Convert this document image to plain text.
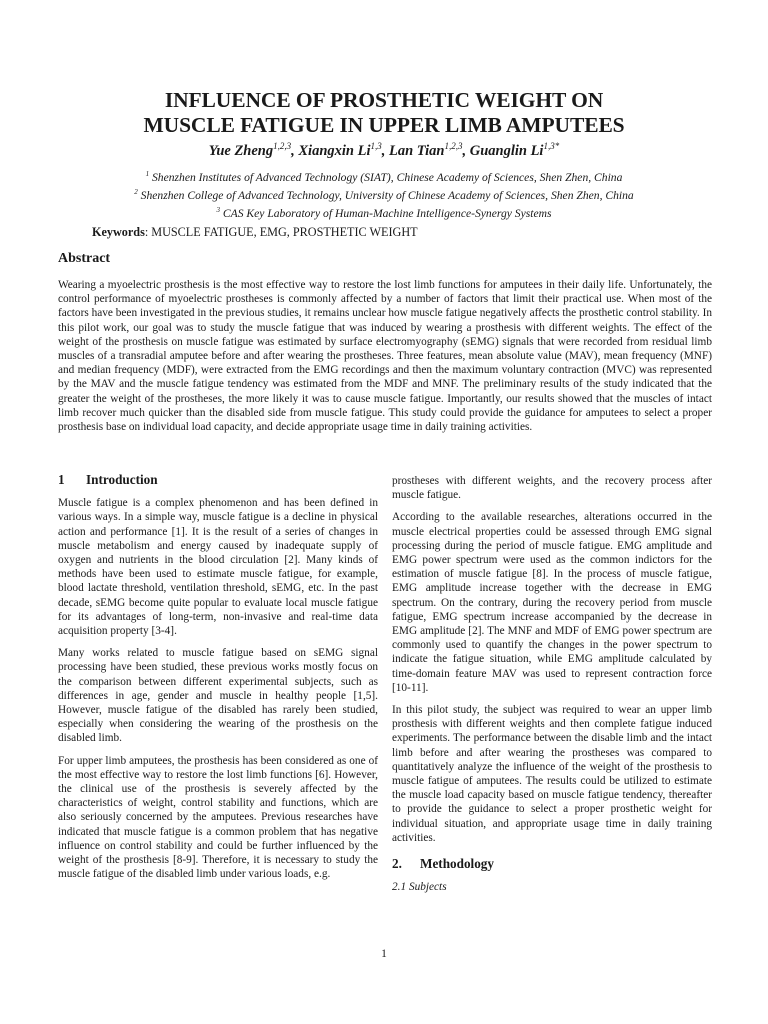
INFLUENCE OF PROSTHETIC WEIGHT ON
MUSCLE FATIGUE IN UPPER LIMB AMPUTEES
Yue Zheng$^{1,2,3}$, Xiangxin Li$^{1,3}$, Lan Tian$^{1,2,3}$, Guanglin $Li^{1,3*}$
$^1$ Shenzhen Institutes of Advanced Technology (SIAT), Chinese Academy of Sciences, Shen Zhen, China
$^2$ Shenzhen College of Advanced Technology, University of Chinese Academy of Sciences, Shen Zhen, China
$^3$ CAS Key Laboratory of Human-Machine Intelligence-Synergy Systems
Keywords: MUSCLE FATIGUE, EMG, PROSTHETIC WEIGHT
Abstract
Wearing a myoelectric prosthesis is the most effective way to restore the lost limb functions for amputees in their daily life. Unfortunately, the control performance of myoelectric prostheses is commonly affected by a number of factors that limit their practical use. When most of the factors have been investigated in the previous studies, it remains unclear how muscle fatigue negatively affects the prosthetic control stability. In this pilot work, our goal was to study the muscle fatigue that was induced by wearing a prosthesis with different weights. The effect of the weight of the prosthesis on muscle fatigue was estimated by surface electromyography (sEMG) signals that were recorded from residual limb muscles of a transradial amputee before and after wearing the prostheses. Three features, mean absolute value (MAV), mean frequency (MNF) and median frequency (MDF), were extracted from the EMG recordings and then the maximum voluntary contraction (MVC) was represented by the MAV and the muscle fatigue tendency was estimated from the MDF and MNF. The preliminary results of the study indicated that the greater the weight of the prostheses, the more likely it was to cause muscle fatigue. Importantly, our results showed that the muscles of intact limb recover much quicker than the disabled side from muscle fatigue. This study could provide the guidance for amputees to select a proper prosthesis base on individual load capacity, and decide appropriate usage time in daily training activities.
1	Introduction

Muscle fatigue is a complex phenomenon and has been defined in various ways. In a simple way, muscle fatigue is a decline in physical action and performance [1]. It is the result of a series of changes in muscle metabolism and energy caused by inadequate supply of oxygen and nutrients in the blood circulation [2]. Many kinds of methods have been used to estimate muscle fatigue, for example, blood lactate threshold, ventilation threshold, sEMG, etc. In the past decade, sEMG become quite popular to evaluate local muscle fatigue for its advantages of long-term, non-invasive and real-time data acquisition property [3-4].

Many works related to muscle fatigue based on sEMG signal processing have been studied, these previous works mostly focus on the comparison between different experimental subjects, such as differences in age, gender and muscle in healthy people [1,5]. However, muscle fatigue of the disabled has rarely been studied, especially when considering the wearing of the prosthesis on the disabled limb.

For upper limb amputees, the prosthesis has been considered as one of the most effective way to restore the lost limb functions [6]. However, the clinical use of the prosthesis is severely affected by the characteristics of weight, control stability and functions, which are also seriously concerned by the amputees. Previous researches have indicated that muscle fatigue is a common problem that has negative influence on control stability and could be further influenced by the weight of the prosthesis [8-9]. Therefore, it is necessary to study the muscle fatigue of the disabled limb under various loads, e.g.

prostheses with different weights, and the recovery process after muscle fatigue.

According to the available researches, alterations occurred in the muscle electrical properties could be assessed through EMG signal processing during the period of muscle fatigue. EMG amplitude and EMG power spectrum were used as the common indictors for the estimation of muscle fatigue [8]. In the process of muscle fatigue, EMG amplitude increase together with the decrease in EMG spectrum. On the contrary, during the recovery period from muscle fatigue, EMG spectrum increase accompanied by the decrease in EMG amplitude [2]. The MNF and MDF of EMG power spectrum are commonly used to quantify the changes in the power spectrum to indicate the fatigue situation, while EMG amplitude calculated by time-domain feature MAV was used to represent contraction force [10-11].

In this pilot study, the subject was required to wear an upper limb prosthesis with different weights and then complete fatigue induced experiments. The performance between the disable limb and the intact limb before and after wearing the prostheses was compared to quantitatively analyze the influence of the weight of the prosthesis to muscle fatigue of amputees. The results could be utilized to estimate the muscle load capacity based on muscle fatigue tendency, thereafter to provide the guidance to select a proper prosthetic weight for individual situation, and appropriate usage time in daily training activities.

2.	Methodology
2.1 Subjects
1
